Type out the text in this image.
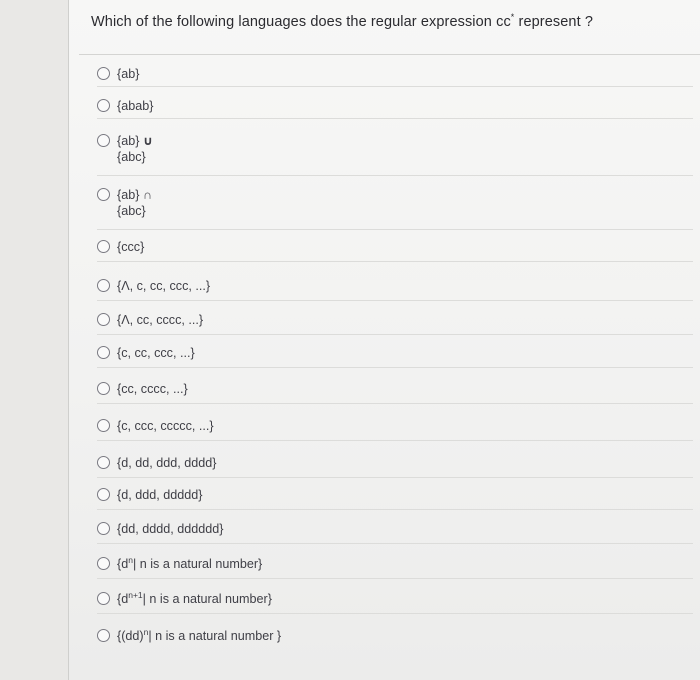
Which of the following languages does the regular expression cc* represent ?
{ab}
{abab}
{ab} ∪
{abc}
{ab} ∩
{abc}
{ccc}
{Λ, c, cc, ccc, ...}
{Λ, cc, cccc, ...}
{c, cc, ccc, ...}
{cc, cccc, ...}
{c, ccc, ccccc, ...}
{d, dd, ddd, dddd}
{d, ddd, ddddd}
{dd, dddd, dddddd}
{$d^n|$ n is a natural number}
{$d^{n+1}|$ n is a natural number}
{(dd)$^n$| n is a natural number }
